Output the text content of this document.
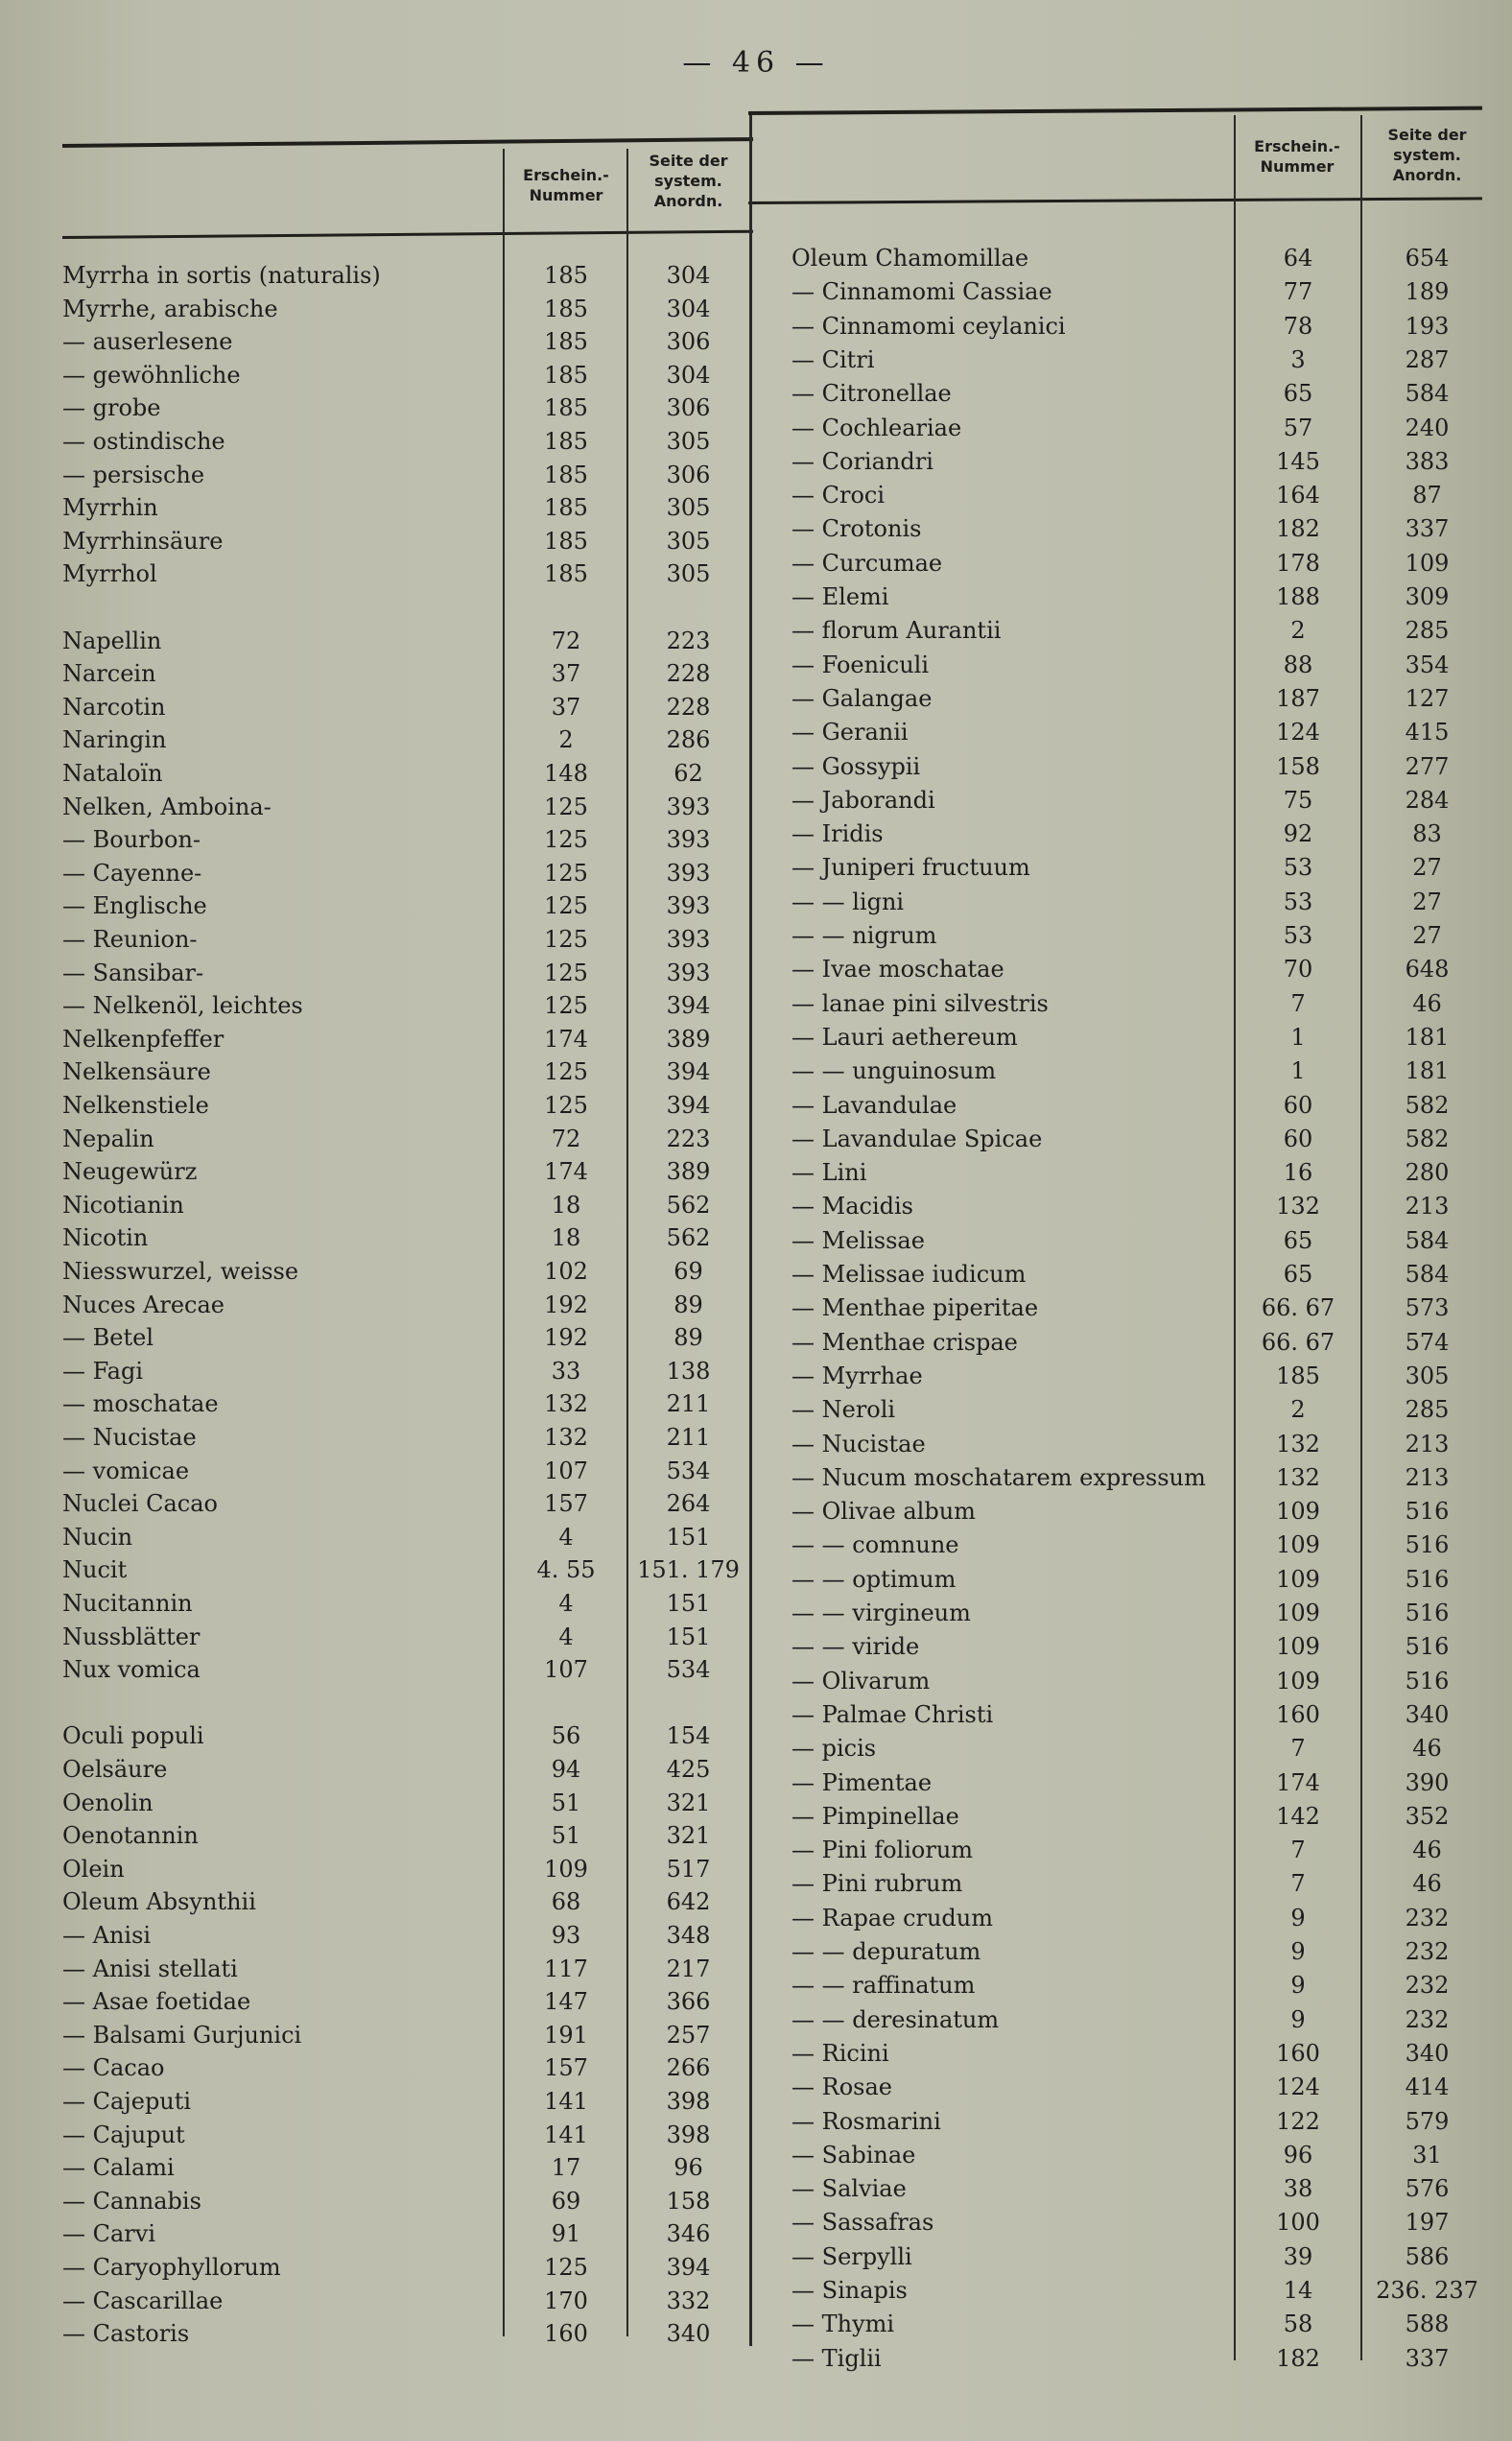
— 46 —
Erschein.-
Nummer
Seite der
system.
Anordn.
Erschein.-
Nummer
Seite der
system.
Anordn.
Myrrha in sortis (naturalis)	185	304
Myrrhe, arabische	185	304
— auserlesene	185	306
— gewöhnliche	185	304
— grobe	185	306
— ostindische	185	305
— persische	185	306
Myrrhin	185	305
Myrrhinsäure	185	305
Myrrhol	185	305
Napellin	72	223
Narcein	37	228
Narcotin	37	228
Naringin	2	286
Nataloïn	148	62
Nelken, Amboina-	125	393
— Bourbon-	125	393
— Cayenne-	125	393
— Englische	125	393
— Reunion-	125	393
— Sansibar-	125	393
— Nelkenöl, leichtes	125	394
Nelkenpfeffer	174	389
Nelkensäure	125	394
Nelkenstiele	125	394
Nepalin	72	223
Neugewürz	174	389
Nicotianin	18	562
Nicotin	18	562
Niesswurzel, weisse	102	69
Nuces Arecae	192	89
— Betel	192	89
— Fagi	33	138
— moschatae	132	211
— Nucistae	132	211
— vomicae	107	534
Nuclei Cacao	157	264
Nucin	4	151
Nucit	4. 55	151. 179
Nucitannin	4	151
Nussblätter	4	151
Nux vomica	107	534
Oculi populi	56	154
Oelsäure	94	425
Oenolin	51	321
Oenotannin	51	321
Olein	109	517
Oleum Absynthii	68	642
— Anisi	93	348
— Anisi stellati	117	217
— Asae foetidae	147	366
— Balsami Gurjunici	191	257
— Cacao	157	266
— Cajeputi	141	398
— Cajuput	141	398
— Calami	17	96
— Cannabis	69	158
— Carvi	91	346
— Caryophyllorum	125	394
— Cascarillae	170	332
— Castoris	160	340
Oleum Chamomillae	64	654
— Cinnamomi Cassiae	77	189
— Cinnamomi ceylanici	78	193
— Citri	3	287
— Citronellae	65	584
— Cochleariae	57	240
— Coriandri	145	383
— Croci	164	87
— Crotonis	182	337
— Curcumae	178	109
— Elemi	188	309
— florum Aurantii	2	285
— Foeniculi	88	354
— Galangae	187	127
— Geranii	124	415
— Gossypii	158	277
— Jaborandi	75	284
— Iridis	92	83
— Juniperi fructuum	53	27
— — ligni	53	27
— — nigrum	53	27
— Ivae moschatae	70	648
— lanae pini silvestris	7	46
— Lauri aethereum	1	181
— — unguinosum	1	181
— Lavandulae	60	582
— Lavandulae Spicae	60	582
— Lini	16	280
— Macidis	132	213
— Melissae	65	584
— Melissae iudicum	65	584
— Menthae piperitae	66. 67	573
— Menthae crispae	66. 67	574
— Myrrhae	185	305
— Neroli	2	285
— Nucistae	132	213
— Nucum moschatarem expressum	132	213
— Olivae album	109	516
— — comnune	109	516
— — optimum	109	516
— — virgineum	109	516
— — viride	109	516
— Olivarum	109	516
— Palmae Christi	160	340
— picis	7	46
— Pimentae	174	390
— Pimpinellae	142	352
— Pini foliorum	7	46
— Pini rubrum	7	46
— Rapae crudum	9	232
— — depuratum	9	232
— — raffinatum	9	232
— — deresinatum	9	232
— Ricini	160	340
— Rosae	124	414
— Rosmarini	122	579
— Sabinae	96	31
— Salviae	38	576
— Sassafras	100	197
— Serpylli	39	586
— Sinapis	14	236. 237
— Thymi	58	588
— Tiglii	182	337
